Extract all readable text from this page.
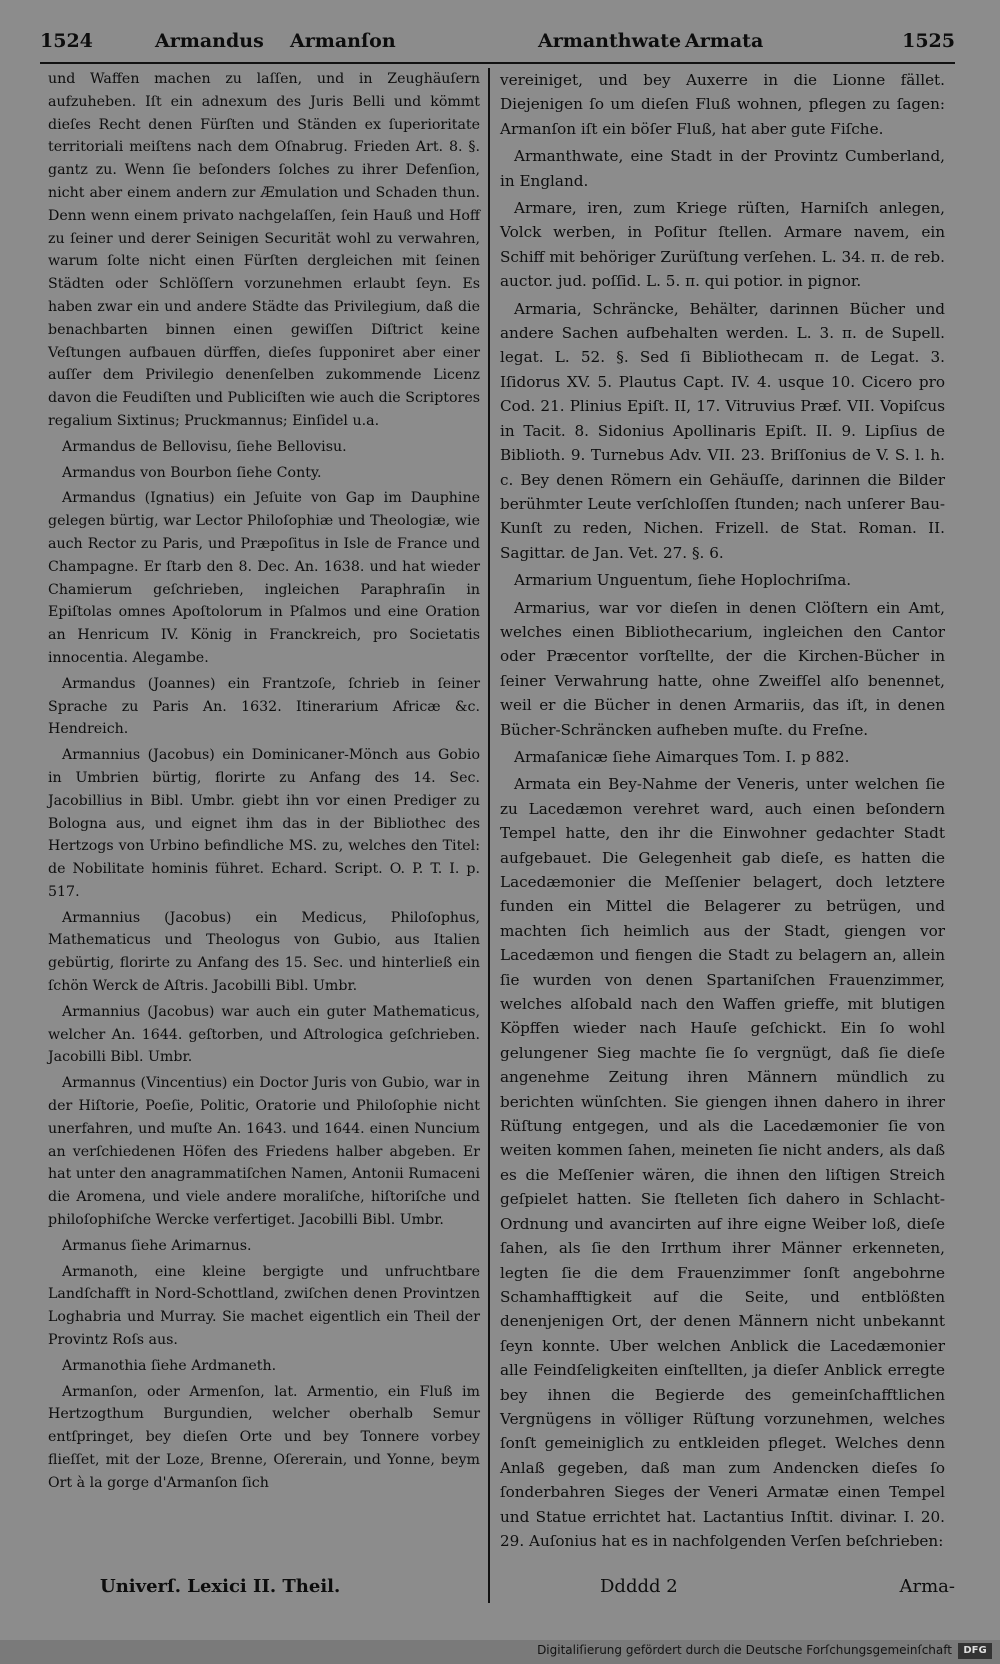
1524	Armandus Armanſon	Armanthwate Armata	1525

und Waffen machen zu laſſen, und in Zeughäuſern aufzuheben. Iſt ein adnexum des Juris Belli und kömmt dieſes Recht denen Fürſten und Ständen ex ſuperioritate territoriali meiſtens nach dem Oſnabrug. Frieden Art. 8. §. gantz zu. Wenn ſie beſonders ſolches zu ihrer Defenſion, nicht aber einem andern zur Æmulation und Schaden thun. Denn wenn einem privato nachgelaſſen, ſein Hauß und Hoff zu ſeiner und derer Seinigen Securität wohl zu verwahren, warum ſolte nicht einen Fürſten dergleichen mit ſeinen Städten oder Schlöſſern vorzunehmen erlaubt ſeyn. Es haben zwar ein und andere Städte das Privilegium, daß die benachbarten binnen einen gewiſſen Diſtrict keine Veſtungen aufbauen dürffen, dieſes ſupponiret aber einer auſſer dem Privilegio denenſelben zukommende Licenz davon die Feudiſten und Publiciſten wie auch die Scriptores regalium Sixtinus; Pruckmannus; Einſidel u.a.

Armandus de Bellovisu, ſiehe Bellovisu.

Armandus von Bourbon ſiehe Conty.

Armandus (Ignatius) ein Jeſuite von Gap im Dauphine gelegen bürtig, war Lector Philoſophiæ und Theologiæ, wie auch Rector zu Paris, und Præpoſitus in Isle de France und Champagne. Er ſtarb den 8. Dec. An. 1638. und hat wieder Chamierum geſchrieben, ingleichen Paraphraſin in Epiſtolas omnes Apoſtolorum in Pſalmos und eine Oration an Henricum IV. König in Franckreich, pro Societatis innocentia. Alegambe.

Armandus (Joannes) ein Frantzoſe, ſchrieb in ſeiner Sprache zu Paris An. 1632. Itinerarium Africæ &c. Hendreich.

Armannius (Jacobus) ein Dominicaner-Mönch aus Gobio in Umbrien bürtig, florirte zu Anfang des 14. Sec. Jacobillius in Bibl. Umbr. giebt ihn vor einen Prediger zu Bologna aus, und eignet ihm das in der Bibliothec des Hertzogs von Urbino befindliche MS. zu, welches den Titel: de Nobilitate hominis führet. Echard. Script. O. P. T. I. p. 517.

Armannius (Jacobus) ein Medicus, Philoſophus, Mathematicus und Theologus von Gubio, aus Italien gebürtig, florirte zu Anfang des 15. Sec. und hinterließ ein ſchön Werck de Aſtris. Jacobilli Bibl. Umbr.

Armannius (Jacobus) war auch ein guter Mathematicus, welcher An. 1644. geſtorben, und Aſtrologica geſchrieben. Jacobilli Bibl. Umbr.

Armannus (Vincentius) ein Doctor Juris von Gubio, war in der Hiſtorie, Poeſie, Politic, Oratorie und Philoſophie nicht unerfahren, und muſte An. 1643. und 1644. einen Nuncium an verſchiedenen Höfen des Friedens halber abgeben. Er hat unter den anagrammatiſchen Namen, Antonii Rumaceni die Aromena, und viele andere moraliſche, hiſtoriſche und philoſophiſche Wercke verfertiget. Jacobilli Bibl. Umbr.

Armanus ſiehe Arimarnus.

Armanoth, eine kleine bergigte und unfruchtbare Landſchafft in Nord-Schottland, zwiſchen denen Provintzen Loghabria und Murray. Sie machet eigentlich ein Theil der Provintz Roſs aus.

Armanothia ſiehe Ardmaneth.

Armanſon, oder Armenſon, lat. Armentio, ein Fluß im Hertzogthum Burgundien, welcher oberhalb Semur entſpringet, bey dieſen Orte und bey Tonnere vorbey flieſſet, mit der Loze, Brenne, Oſererain, und Yonne, beym Ort à la gorge d'Armanſon ſich

vereiniget, und bey Auxerre in die Lionne fället. Diejenigen ſo um dieſen Fluß wohnen, pflegen zu ſagen: Armanſon iſt ein böſer Fluß, hat aber gute Fiſche.

Armanthwate, eine Stadt in der Provintz Cumberland, in England.

Armare, iren, zum Kriege rüſten, Harniſch anlegen, Volck werben, in Poſitur ſtellen. Armare navem, ein Schiff mit behöriger Zurüſtung verſehen. L. 34. π. de reb. auctor. jud. poſſid. L. 5. π. qui potior. in pignor.

Armaria, Schräncke, Behälter, darinnen Bücher und andere Sachen aufbehalten werden. L. 3. π. de Supell. legat. L. 52. §. Sed ſi Bibliothecam π. de Legat. 3. Iſidorus XV. 5. Plautus Capt. IV. 4. usque 10. Cicero pro Cod. 21. Plinius Epiſt. II, 17. Vitruvius Præf. VII. Vopiſcus in Tacit. 8. Sidonius Apollinaris Epiſt. II. 9. Lipſius de Biblioth. 9. Turnebus Adv. VII. 23. Briſſonius de V. S. l. h. c. Bey denen Römern ein Gehäuſſe, darinnen die Bilder berühmter Leute verſchloſſen ſtunden; nach unſerer Bau-Kunſt zu reden, Nichen. Frizell. de Stat. Roman. II. Sagittar. de Jan. Vet. 27. §. 6.

Armarium Unguentum, ſiehe Hoplochriſma.

Armarius, war vor dieſen in denen Clöſtern ein Amt, welches einen Bibliothecarium, ingleichen den Cantor oder Præcentor vorſtellte, der die Kirchen-Bücher in ſeiner Verwahrung hatte, ohne Zweifſel alſo benennet, weil er die Bücher in denen Armariis, das iſt, in denen Bücher-Schräncken aufheben muſte. du Freſne.

Armaſanicæ ſiehe Aimarques Tom. I. p 882.

Armata ein Bey-Nahme der Veneris, unter welchen ſie zu Lacedæmon verehret ward, auch einen beſondern Tempel hatte, den ihr die Einwohner gedachter Stadt aufgebauet. Die Gelegenheit gab dieſe, es hatten die Lacedæmonier die Meſſenier belagert, doch letztere funden ein Mittel die Belagerer zu betrügen, und machten ſich heimlich aus der Stadt, giengen vor Lacedæmon und fiengen die Stadt zu belagern an, allein ſie wurden von denen Spartaniſchen Frauenzimmer, welches alſobald nach den Waffen grieffe, mit blutigen Köpffen wieder nach Hauſe geſchickt. Ein ſo wohl gelungener Sieg machte ſie ſo vergnügt, daß ſie dieſe angenehme Zeitung ihren Männern mündlich zu berichten wünſchten. Sie giengen ihnen dahero in ihrer Rüſtung entgegen, und als die Lacedæmonier ſie von weiten kommen ſahen, meineten ſie nicht anders, als daß es die Meſſenier wären, die ihnen den liſtigen Streich geſpielet hatten. Sie ſtelleten ſich dahero in Schlacht-Ordnung und avancirten auf ihre eigne Weiber loß, dieſe ſahen, als ſie den Irrthum ihrer Männer erkenneten, legten ſie die dem Frauenzimmer ſonſt angebohrne Schamhafftigkeit auf die Seite, und entblößten denenjenigen Ort, der denen Männern nicht unbekannt ſeyn konnte. Uber welchen Anblick die Lacedæmonier alle Feindſeligkeiten einſtellten, ja dieſer Anblick erregte bey ihnen die Begierde des gemeinſchafftlichen Vergnügens in völliger Rüſtung vorzunehmen, welches ſonſt gemeiniglich zu entkleiden pfleget. Welches denn Anlaß gegeben, daß man zum Andencken dieſes ſo ſonderbahren Sieges der Veneri Armatæ einen Tempel und Statue errichtet hat. Lactantius Inſtit. divinar. I. 20. 29. Auſonius hat es in nachfolgenden Verſen beſchrieben:

Univerſ. Lexici II. Theil.	Ddddd 2	Arma-
Digitaliſierung gefördert durch die Deutsche Forſchungsgemeinſchaft	DFG
